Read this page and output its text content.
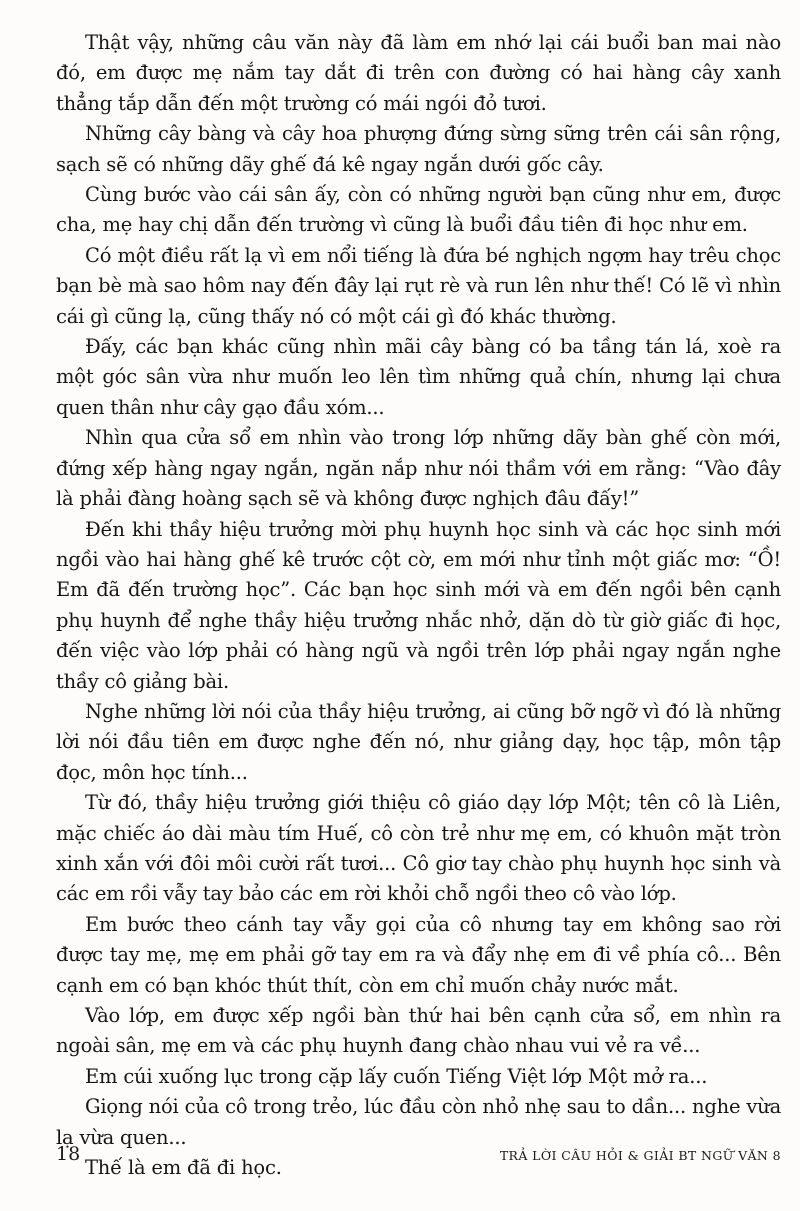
Thật vậy, những câu văn này đã làm em nhớ lại cái buổi ban mai nào đó, em được mẹ nắm tay dắt đi trên con đường có hai hàng cây xanh thẳng tắp dẫn đến một trường có mái ngói đỏ tươi.

Những cây bàng và cây hoa phượng đứng sừng sững trên cái sân rộng, sạch sẽ có những dãy ghế đá kê ngay ngắn dưới gốc cây.

Cùng bước vào cái sân ấy, còn có những người bạn cũng như em, được cha, mẹ hay chị dẫn đến trường vì cũng là buổi đầu tiên đi học như em.

Có một điều rất lạ vì em nổi tiếng là đứa bé nghịch ngợm hay trêu chọc bạn bè mà sao hôm nay đến đây lại rụt rè và run lên như thế! Có lẽ vì nhìn cái gì cũng lạ, cũng thấy nó có một cái gì đó khác thường.

Đấy, các bạn khác cũng nhìn mãi cây bàng có ba tầng tán lá, xoè ra một góc sân vừa như muốn leo lên tìm những quả chín, nhưng lại chưa quen thân như cây gạo đầu xóm...

Nhìn qua cửa sổ em nhìn vào trong lớp những dãy bàn ghế còn mới, đứng xếp hàng ngay ngắn, ngăn nắp như nói thầm với em rằng: “Vào đây là phải đàng hoàng sạch sẽ và không được nghịch đâu đấy!”

Đến khi thầy hiệu trưởng mời phụ huynh học sinh và các học sinh mới ngồi vào hai hàng ghế kê trước cột cờ, em mới như tỉnh một giấc mơ: “Ồ! Em đã đến trường học”. Các bạn học sinh mới và em đến ngồi bên cạnh phụ huynh để nghe thầy hiệu trưởng nhắc nhở, dặn dò từ giờ giấc đi học, đến việc vào lớp phải có hàng ngũ và ngồi trên lớp phải ngay ngắn nghe thầy cô giảng bài.

Nghe những lời nói của thầy hiệu trưởng, ai cũng bỡ ngỡ vì đó là những lời nói đầu tiên em được nghe đến nó, như giảng dạy, học tập, môn tập đọc, môn học tính...

Từ đó, thầy hiệu trưởng giới thiệu cô giáo dạy lớp Một; tên cô là Liên, mặc chiếc áo dài màu tím Huế, cô còn trẻ như mẹ em, có khuôn mặt tròn xinh xắn với đôi môi cười rất tươi... Cô giơ tay chào phụ huynh học sinh và các em rồi vẫy tay bảo các em rời khỏi chỗ ngồi theo cô vào lớp.

Em bước theo cánh tay vẫy gọi của cô nhưng tay em không sao rời được tay mẹ, mẹ em phải gỡ tay em ra và đẩy nhẹ em đi về phía cô... Bên cạnh em có bạn khóc thút thít, còn em chỉ muốn chảy nước mắt.

Vào lớp, em được xếp ngồi bàn thứ hai bên cạnh cửa sổ, em nhìn ra ngoài sân, mẹ em và các phụ huynh đang chào nhau vui vẻ ra về...

Em cúi xuống lục trong cặp lấy cuốn Tiếng Việt lớp Một mở ra...

Giọng nói của cô trong trẻo, lúc đầu còn nhỏ nhẹ sau to dần... nghe vừa lạ vừa quen...

Thế là em đã đi học.

18	TRẢ LỜI CÂU HỎI & GIẢI BT NGỮ VĂN 8
